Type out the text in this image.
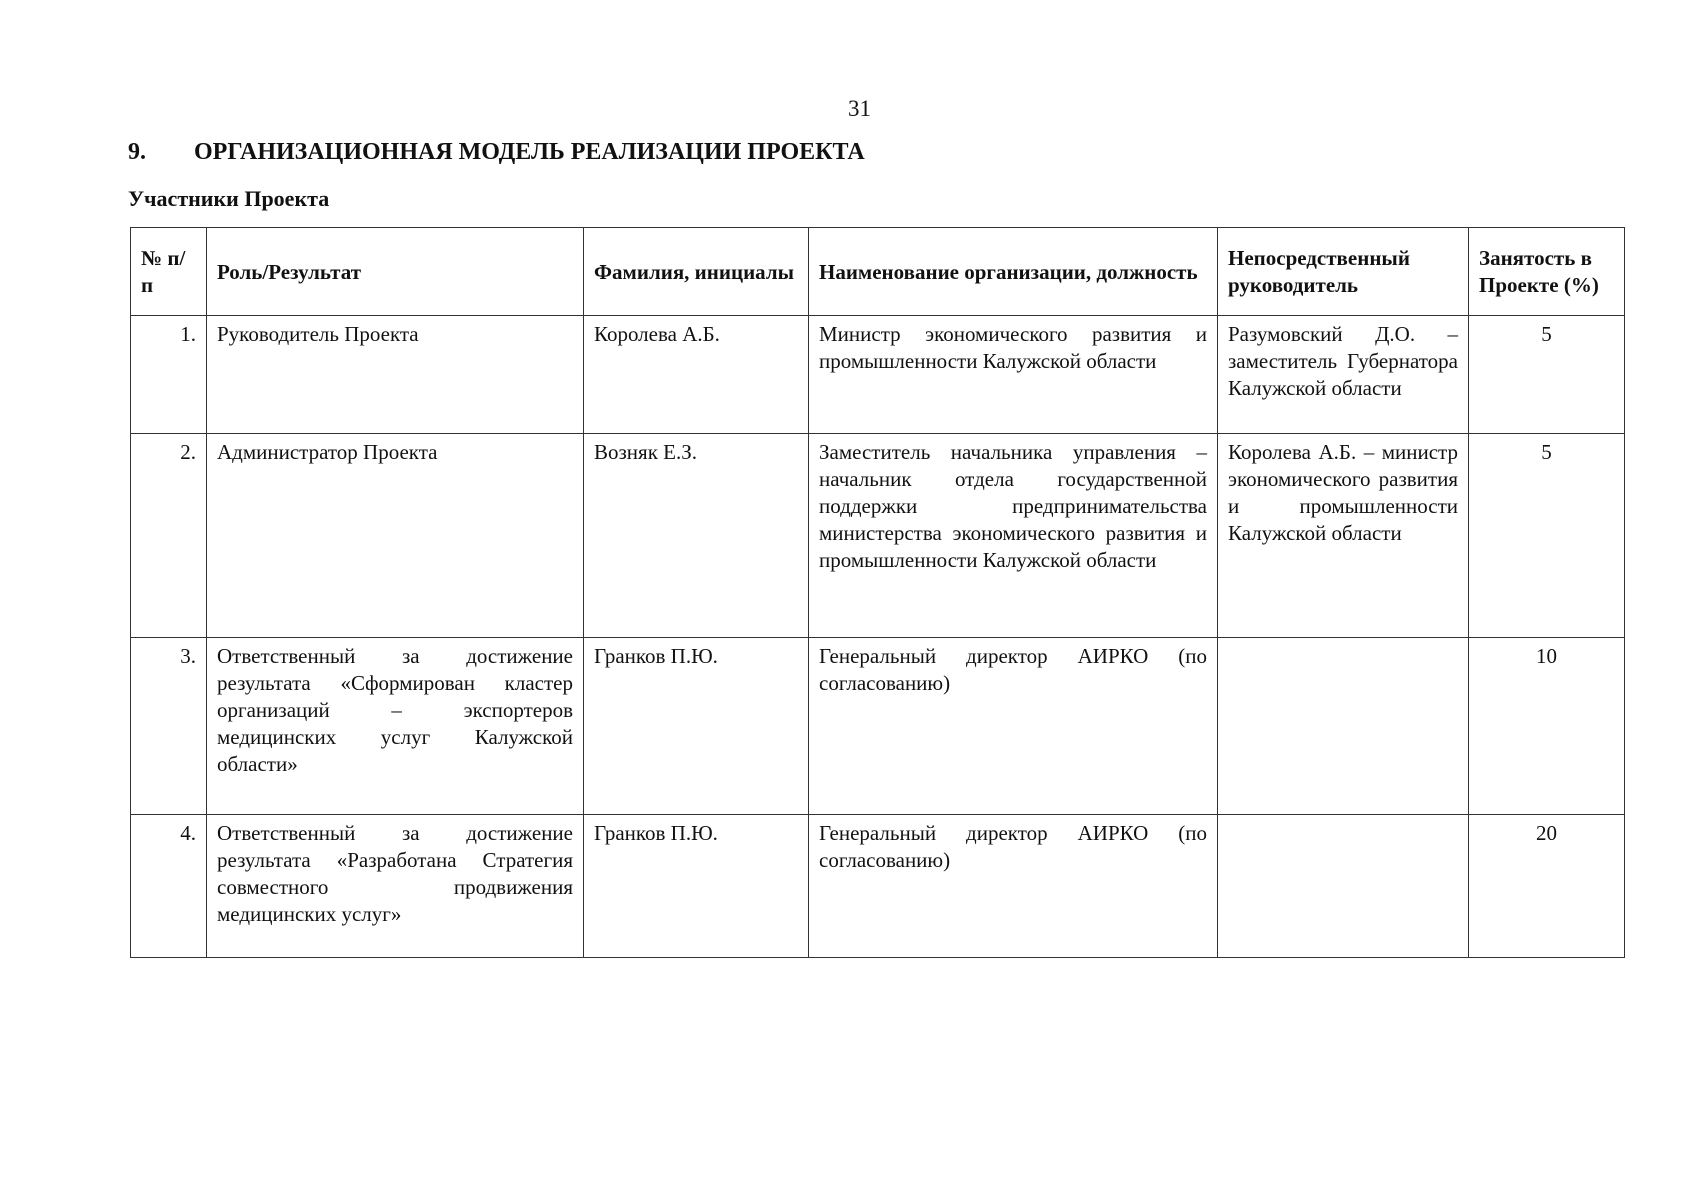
31
9. ОРГАНИЗАЦИОННАЯ МОДЕЛЬ РЕАЛИЗАЦИИ ПРОЕКТА
Участники Проекта
№ п/п	Роль/Результат	Фамилия, инициалы	Наименование организации, должность	Непосредственный руководитель	Занятость в Проекте (%)
1.	Руководитель Проекта	Королева А.Б.	Министр экономического развития и промышленности Калужской области	Разумовский Д.О. – заместитель Губернатора Калужской области	5
2.	Администратор Проекта	Возняк Е.З.	Заместитель начальника управления – начальник отдела государственной поддержки предпринимательства министерства экономического развития и промышленности Калужской области	Королева А.Б. – министр экономического развития и промышленности Калужской области	5
3.	Ответственный за достижение результата «Сформирован кластер организаций – экспортеров медицинских услуг Калужской области»	Гранков П.Ю.	Генеральный директор АИРКО (по согласованию)		10
4.	Ответственный за достижение результата «Разработана Стратегия совместного продвижения медицинских услуг»	Гранков П.Ю.	Генеральный директор АИРКО (по согласованию)		20
